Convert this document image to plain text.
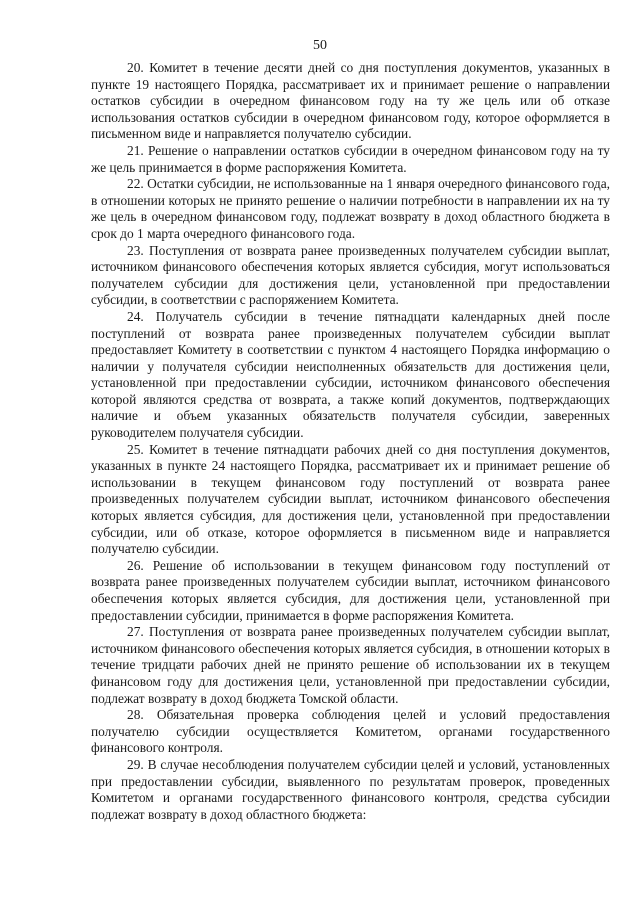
50

20. Комитет в течение десяти дней со дня поступления документов, указанных в пункте 19 настоящего Порядка, рассматривает их и принимает решение о направлении остатков субсидии в очередном финансовом году на ту же цель или об отказе использования остатков субсидии в очередном финансовом году, которое оформляется в письменном виде и направляется получателю субсидии.

21. Решение о направлении остатков субсидии в очередном финансовом году на ту же цель принимается в форме распоряжения Комитета.

22. Остатки субсидии, не использованные на 1 января очередного финансового года, в отношении которых не принято решение о наличии потребности в направлении их на ту же цель в очередном финансовом году, подлежат возврату в доход областного бюджета в срок до 1 марта очередного финансового года.

23. Поступления от возврата ранее произведенных получателем субсидии выплат, источником финансового обеспечения которых является субсидия, могут использоваться получателем субсидии для достижения цели, установленной при предоставлении субсидии, в соответствии с распоряжением Комитета.

24. Получатель субсидии в течение пятнадцати календарных дней после поступлений от возврата ранее произведенных получателем субсидии выплат предоставляет Комитету в соответствии с пунктом 4 настоящего Порядка информацию о наличии у получателя субсидии неисполненных обязательств для достижения цели, установленной при предоставлении субсидии, источником финансового обеспечения которой являются средства от возврата, а также копий документов, подтверждающих наличие и объем указанных обязательств получателя субсидии, заверенных руководителем получателя субсидии.

25. Комитет в течение пятнадцати рабочих дней со дня поступления документов, указанных в пункте 24 настоящего Порядка, рассматривает их и принимает решение об использовании в текущем финансовом году поступлений от возврата ранее произведенных получателем субсидии выплат, источником финансового обеспечения которых является субсидия, для достижения цели, установленной при предоставлении субсидии, или об отказе, которое оформляется в письменном виде и направляется получателю субсидии.

26. Решение об использовании в текущем финансовом году поступлений от возврата ранее произведенных получателем субсидии выплат, источником финансового обеспечения которых является субсидия, для достижения цели, установленной при предоставлении субсидии, принимается в форме распоряжения Комитета.

27. Поступления от возврата ранее произведенных получателем субсидии выплат, источником финансового обеспечения которых является субсидия, в отношении которых в течение тридцати рабочих дней не принято решение об использовании их в текущем финансовом году для достижения цели, установленной при предоставлении субсидии, подлежат возврату в доход бюджета Томской области.

28. Обязательная проверка соблюдения целей и условий предоставления получателю субсидии осуществляется Комитетом, органами государственного финансового контроля.

29. В случае несоблюдения получателем субсидии целей и условий, установленных при предоставлении субсидии, выявленного по результатам проверок, проведенных Комитетом и органами государственного финансового контроля, средства субсидии подлежат возврату в доход областного бюджета:
